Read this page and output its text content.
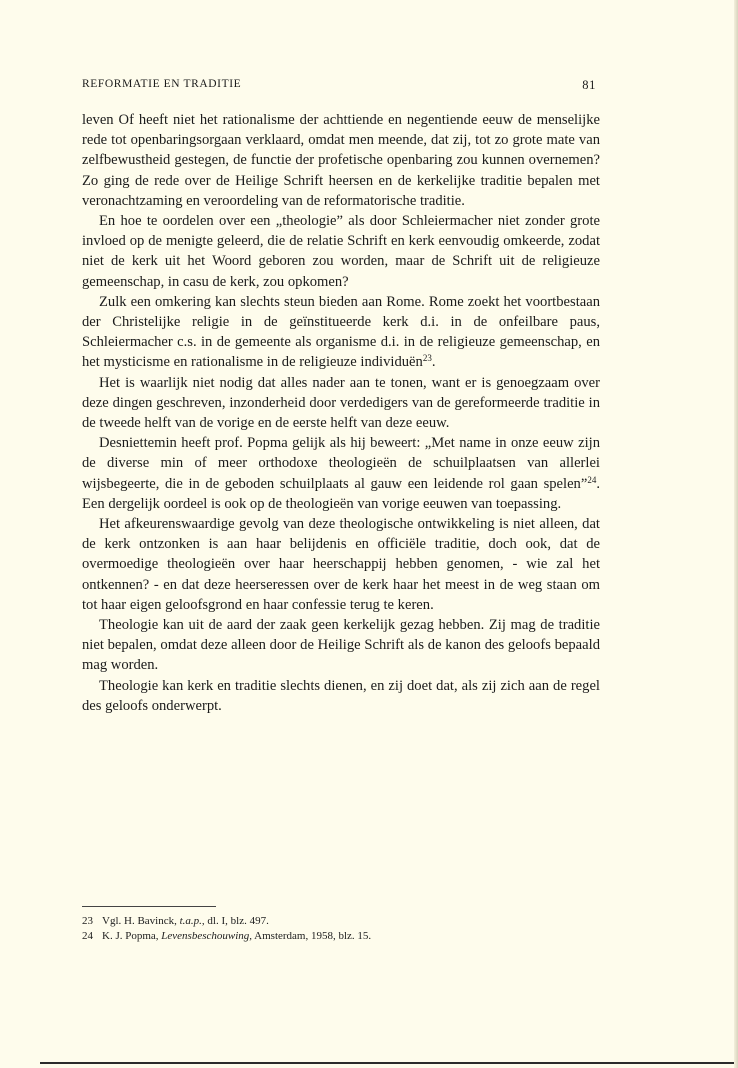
REFORMATIE EN TRADITIE	81

leven Of heeft niet het rationalisme der achttiende en negentiende eeuw de menselijke rede tot openbaringsorgaan verklaard, omdat men meende, dat zij, tot zo grote mate van zelfbewustheid gestegen, de functie der profetische openbaring zou kunnen overnemen? Zo ging de rede over de Heilige Schrift heersen en de kerkelijke traditie bepalen met veronachtzaming en veroordeling van de reformatorische traditie.

En hoe te oordelen over een „theologie” als door Schleiermacher niet zonder grote invloed op de menigte geleerd, die de relatie Schrift en kerk eenvoudig omkeerde, zodat niet de kerk uit het Woord geboren zou worden, maar de Schrift uit de religieuze gemeenschap, in casu de kerk, zou opkomen?

Zulk een omkering kan slechts steun bieden aan Rome. Rome zoekt het voortbestaan der Christelijke religie in de geïnstitueerde kerk d.i. in de onfeilbare paus, Schleiermacher c.s. in de gemeente als organisme d.i. in de religieuze gemeenschap, en het mysticisme en rationalisme in de religieuze individuën$^{23}$.

Het is waarlijk niet nodig dat alles nader aan te tonen, want er is genoegzaam over deze dingen geschreven, inzonderheid door verdedigers van de gereformeerde traditie in de tweede helft van de vorige en de eerste helft van deze eeuw.

Desniettemin heeft prof. Popma gelijk als hij beweert: „Met name in onze eeuw zijn de diverse min of meer orthodoxe theologieën de schuilplaatsen van allerlei wijsbegeerte, die in de geboden schuilplaats al gauw een leidende rol gaan spelen”$^{24}$. Een dergelijk oordeel is ook op de theologieën van vorige eeuwen van toepassing.

Het afkeurenswaardige gevolg van deze theologische ontwikkeling is niet alleen, dat de kerk ontzonken is aan haar belijdenis en officiële traditie, doch ook, dat de overmoedige theologieën over haar heerschappij hebben genomen, - wie zal het ontkennen? - en dat deze heerseressen over de kerk haar het meest in de weg staan om tot haar eigen geloofsgrond en haar confessie terug te keren.

Theologie kan uit de aard der zaak geen kerkelijk gezag hebben. Zij mag de traditie niet bepalen, omdat deze alleen door de Heilige Schrift als de kanon des geloofs bepaald mag worden.

Theologie kan kerk en traditie slechts dienen, en zij doet dat, als zij zich aan de regel des geloofs onderwerpt.

23 Vgl. H. Bavinck, t.a.p., dl. I, blz. 497.
24 K. J. Popma, Levensbeschouwing, Amsterdam, 1958, blz. 15.
